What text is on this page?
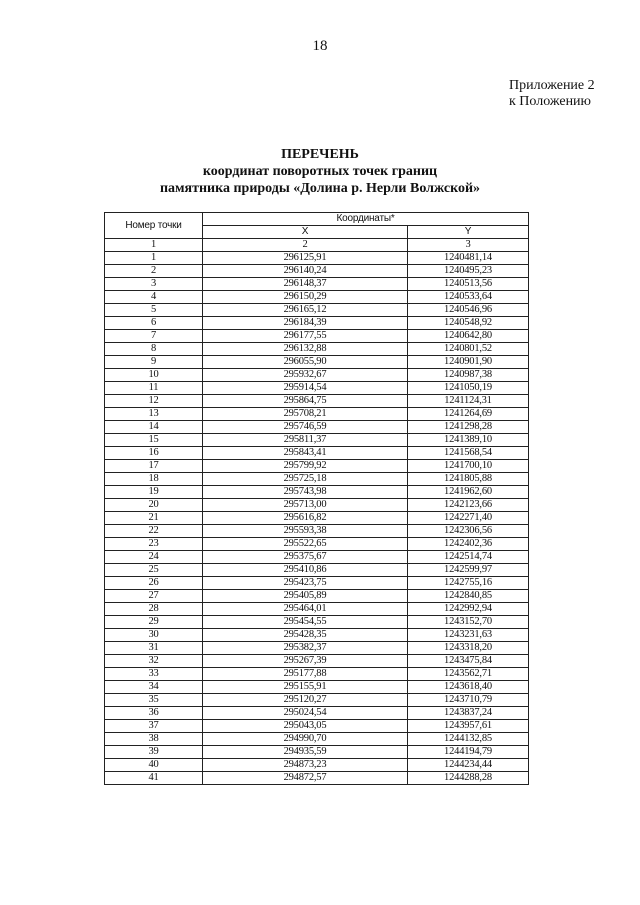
18
Приложение 2
к Положению
ПЕРЕЧЕНЬ
координат поворотных точек границ
памятника природы «Долина р. Нерли Волжской»
Номер точки	Координаты*	
	X	Y
1	2	3
1	296125,91	1240481,14
2	296140,24	1240495,23
3	296148,37	1240513,56
4	296150,29	1240533,64
5	296165,12	1240546,96
6	296184,39	1240548,92
7	296177,55	1240642,80
8	296132,88	1240801,52
9	296055,90	1240901,90
10	295932,67	1240987,38
11	295914,54	1241050,19
12	295864,75	1241124,31
13	295708,21	1241264,69
14	295746,59	1241298,28
15	295811,37	1241389,10
16	295843,41	1241568,54
17	295799,92	1241700,10
18	295725,18	1241805,88
19	295743,98	1241962,60
20	295713,00	1242123,66
21	295616,82	1242271,40
22	295593,38	1242306,56
23	295522,65	1242402,36
24	295375,67	1242514,74
25	295410,86	1242599,97
26	295423,75	1242755,16
27	295405,89	1242840,85
28	295464,01	1242992,94
29	295454,55	1243152,70
30	295428,35	1243231,63
31	295382,37	1243318,20
32	295267,39	1243475,84
33	295177,88	1243562,71
34	295155,91	1243618,40
35	295120,27	1243710,79
36	295024,54	1243837,24
37	295043,05	1243957,61
38	294990,70	1244132,85
39	294935,59	1244194,79
40	294873,23	1244234,44
41	294872,57	1244288,28
